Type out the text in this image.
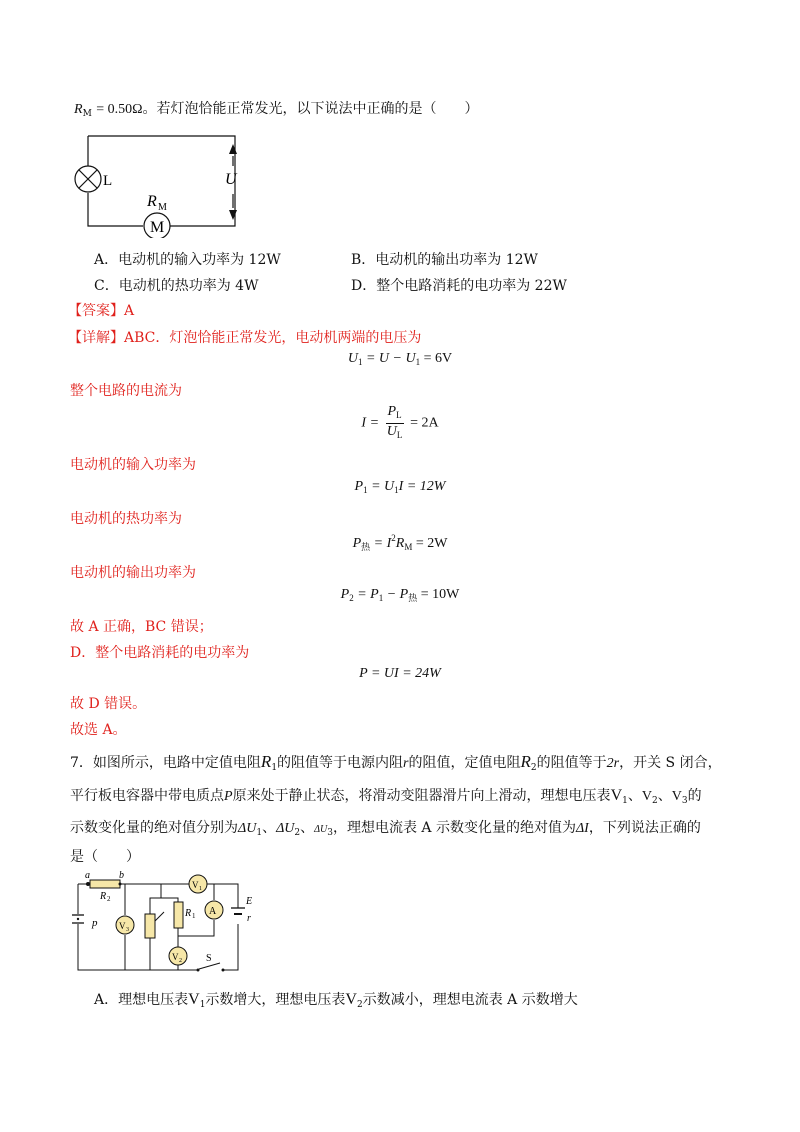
$R_M = 0.50\Omega$。若灯泡恰能正常发光，以下说法中正确的是（　　）
L
M
R M
U
A．电动机的输入功率为 12W	B．电动机的输出功率为 12W
C．电动机的热功率为 4W	D．整个电路消耗的电功率为 22W
【答案】A
【详解】ABC．灯泡恰能正常发光，电动机两端的电压为
$U_1 = U - U_1 = 6V$
整个电路的电流为
$I = \frac{P_L}{U_L} = 2A$
电动机的输入功率为
$P_1 = U_1I = 12W$
电动机的热功率为
$P_热 = I^2R_M = 2W$
电动机的输出功率为
$P_2 = P_1 - P_热 = 10W$
故 A 正确，BC 错误；
D．整个电路消耗的电功率为
P = UI = 24W
故 D 错误。
故选 A。
7．如图所示，电路中定值电阻$R_1$的阻值等于电源内阻r的阻值，定值电阻$R_2$的阻值等于2r，开关 S 闭合，
平行板电容器中带电质点P原来处于静止状态，将滑动变阻器滑片向上滑动，理想电压表$V_1$、$V_2$、$V_3$的
示数变化量的绝对值分别为$\Delta U_1$、$\Delta U_2$、$\Delta U_3$，理想电流表 A 示数变化量的绝对值为ΔI，下列说法正确的
是（　　）
a	b
R 2
p V 3
R 1
V 1
A
V 2
E
r
S
A．理想电压表$V_1$示数增大，理想电压表$V_2$示数减小，理想电流表 A 示数增大
